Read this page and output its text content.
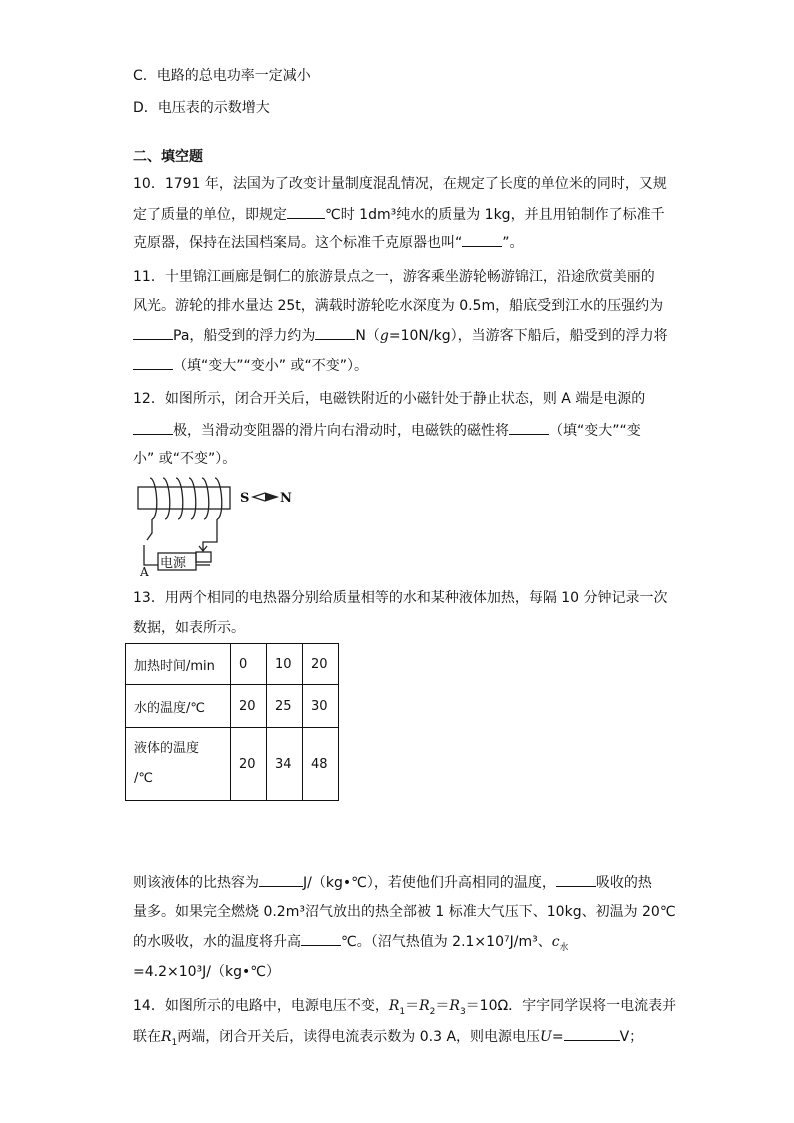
C．电路的总电功率一定减小
D．电压表的示数增大
二、填空题
10．1791 年，法国为了改变计量制度混乱情况，在规定了长度的单位米的同时，又规
定了质量的单位，即规定	℃时 1dm³纯水的质量为 1kg，并且用铂制作了标准千
克原器，保持在法国档案局。这个标准千克原器也叫“	”。
11．十里锦江画廊是铜仁的旅游景点之一，游客乘坐游轮畅游锦江，沿途欣赏美丽的
风光。游轮的排水量达 25t，满载时游轮吃水深度为 0.5m，船底受到江水的压强约为
Pa，船受到的浮力约为	N（g=10N/kg），当游客下船后，船受到的浮力将
（填“变大”“变小” 或“不变”）。
12．如图所示，闭合开关后，电磁铁附近的小磁针处于静止状态，则 A 端是电源的
极，当滑动变阻器的滑片向右滑动时，电磁铁的磁性将	（填“变大”“变
小” 或“不变”）。
S N
电源
A
13．用两个相同的电热器分别给质量相等的水和某种液体加热，每隔 10 分钟记录一次
数据，如表所示。
加热时间/min	0	10	20
水的温度/℃	20	25	30

液体的温度
/℃	20	34	48
则该液体的比热容为	J/（kg•℃），若使他们升高相同的温度，	吸收的热
量多。如果完全燃烧 0.2m³沼气放出的热全部被 1 标准大气压下、10kg、初温为 20℃
的水吸收，水的温度将升高	℃。（沼气热值为 2.1×10⁷J/m³、$c_水$
=4.2×10³J/（kg•℃）
14．如图所示的电路中，电源电压不变，$R_1=R_2=R_3=10\Omega$．宇宇同学误将一电流表并
联在$R_1$两端，闭合开关后，读得电流表示数为 0.3 A，则电源电压U=	V；
